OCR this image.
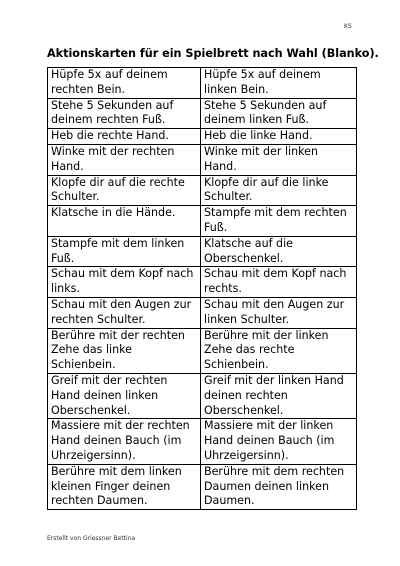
KS
Aktionskarten für ein Spielbrett nach Wahl (Blanko).
Hüpfe 5x auf deinem rechten Bein.	Hüpfe 5x auf deinem linken Bein.
Stehe 5 Sekunden auf deinem rechten Fuß.	Stehe 5 Sekunden auf deinem linken Fuß.
Heb die rechte Hand.	Heb die linke Hand.
Winke mit der rechten Hand.	Winke mit der linken Hand.
Klopfe dir auf die rechte Schulter.	Klopfe dir auf die linke Schulter.
Klatsche in die Hände.	Stampfe mit dem rechten Fuß.
Stampfe mit dem linken Fuß.	Klatsche auf die Oberschenkel.
Schau mit dem Kopf nach links.	Schau mit dem Kopf nach rechts.
Schau mit den Augen zur rechten Schulter.	Schau mit den Augen zur linken Schulter.
Berühre mit der rechten Zehe das linke Schienbein.	Berühre mit der linken Zehe das rechte Schienbein.
Greif mit der rechten Hand deinen linken Oberschenkel.	Greif mit der linken Hand deinen rechten Oberschenkel.
Massiere mit der rechten Hand deinen Bauch (im Uhrzeigersinn).	Massiere mit der linken Hand deinen Bauch (im Uhrzeigersinn).
Berühre mit dem linken kleinen Finger deinen rechten Daumen.	Berühre mit dem rechten Daumen deinen linken Daumen.
Erstellt von Griessner Bettina
